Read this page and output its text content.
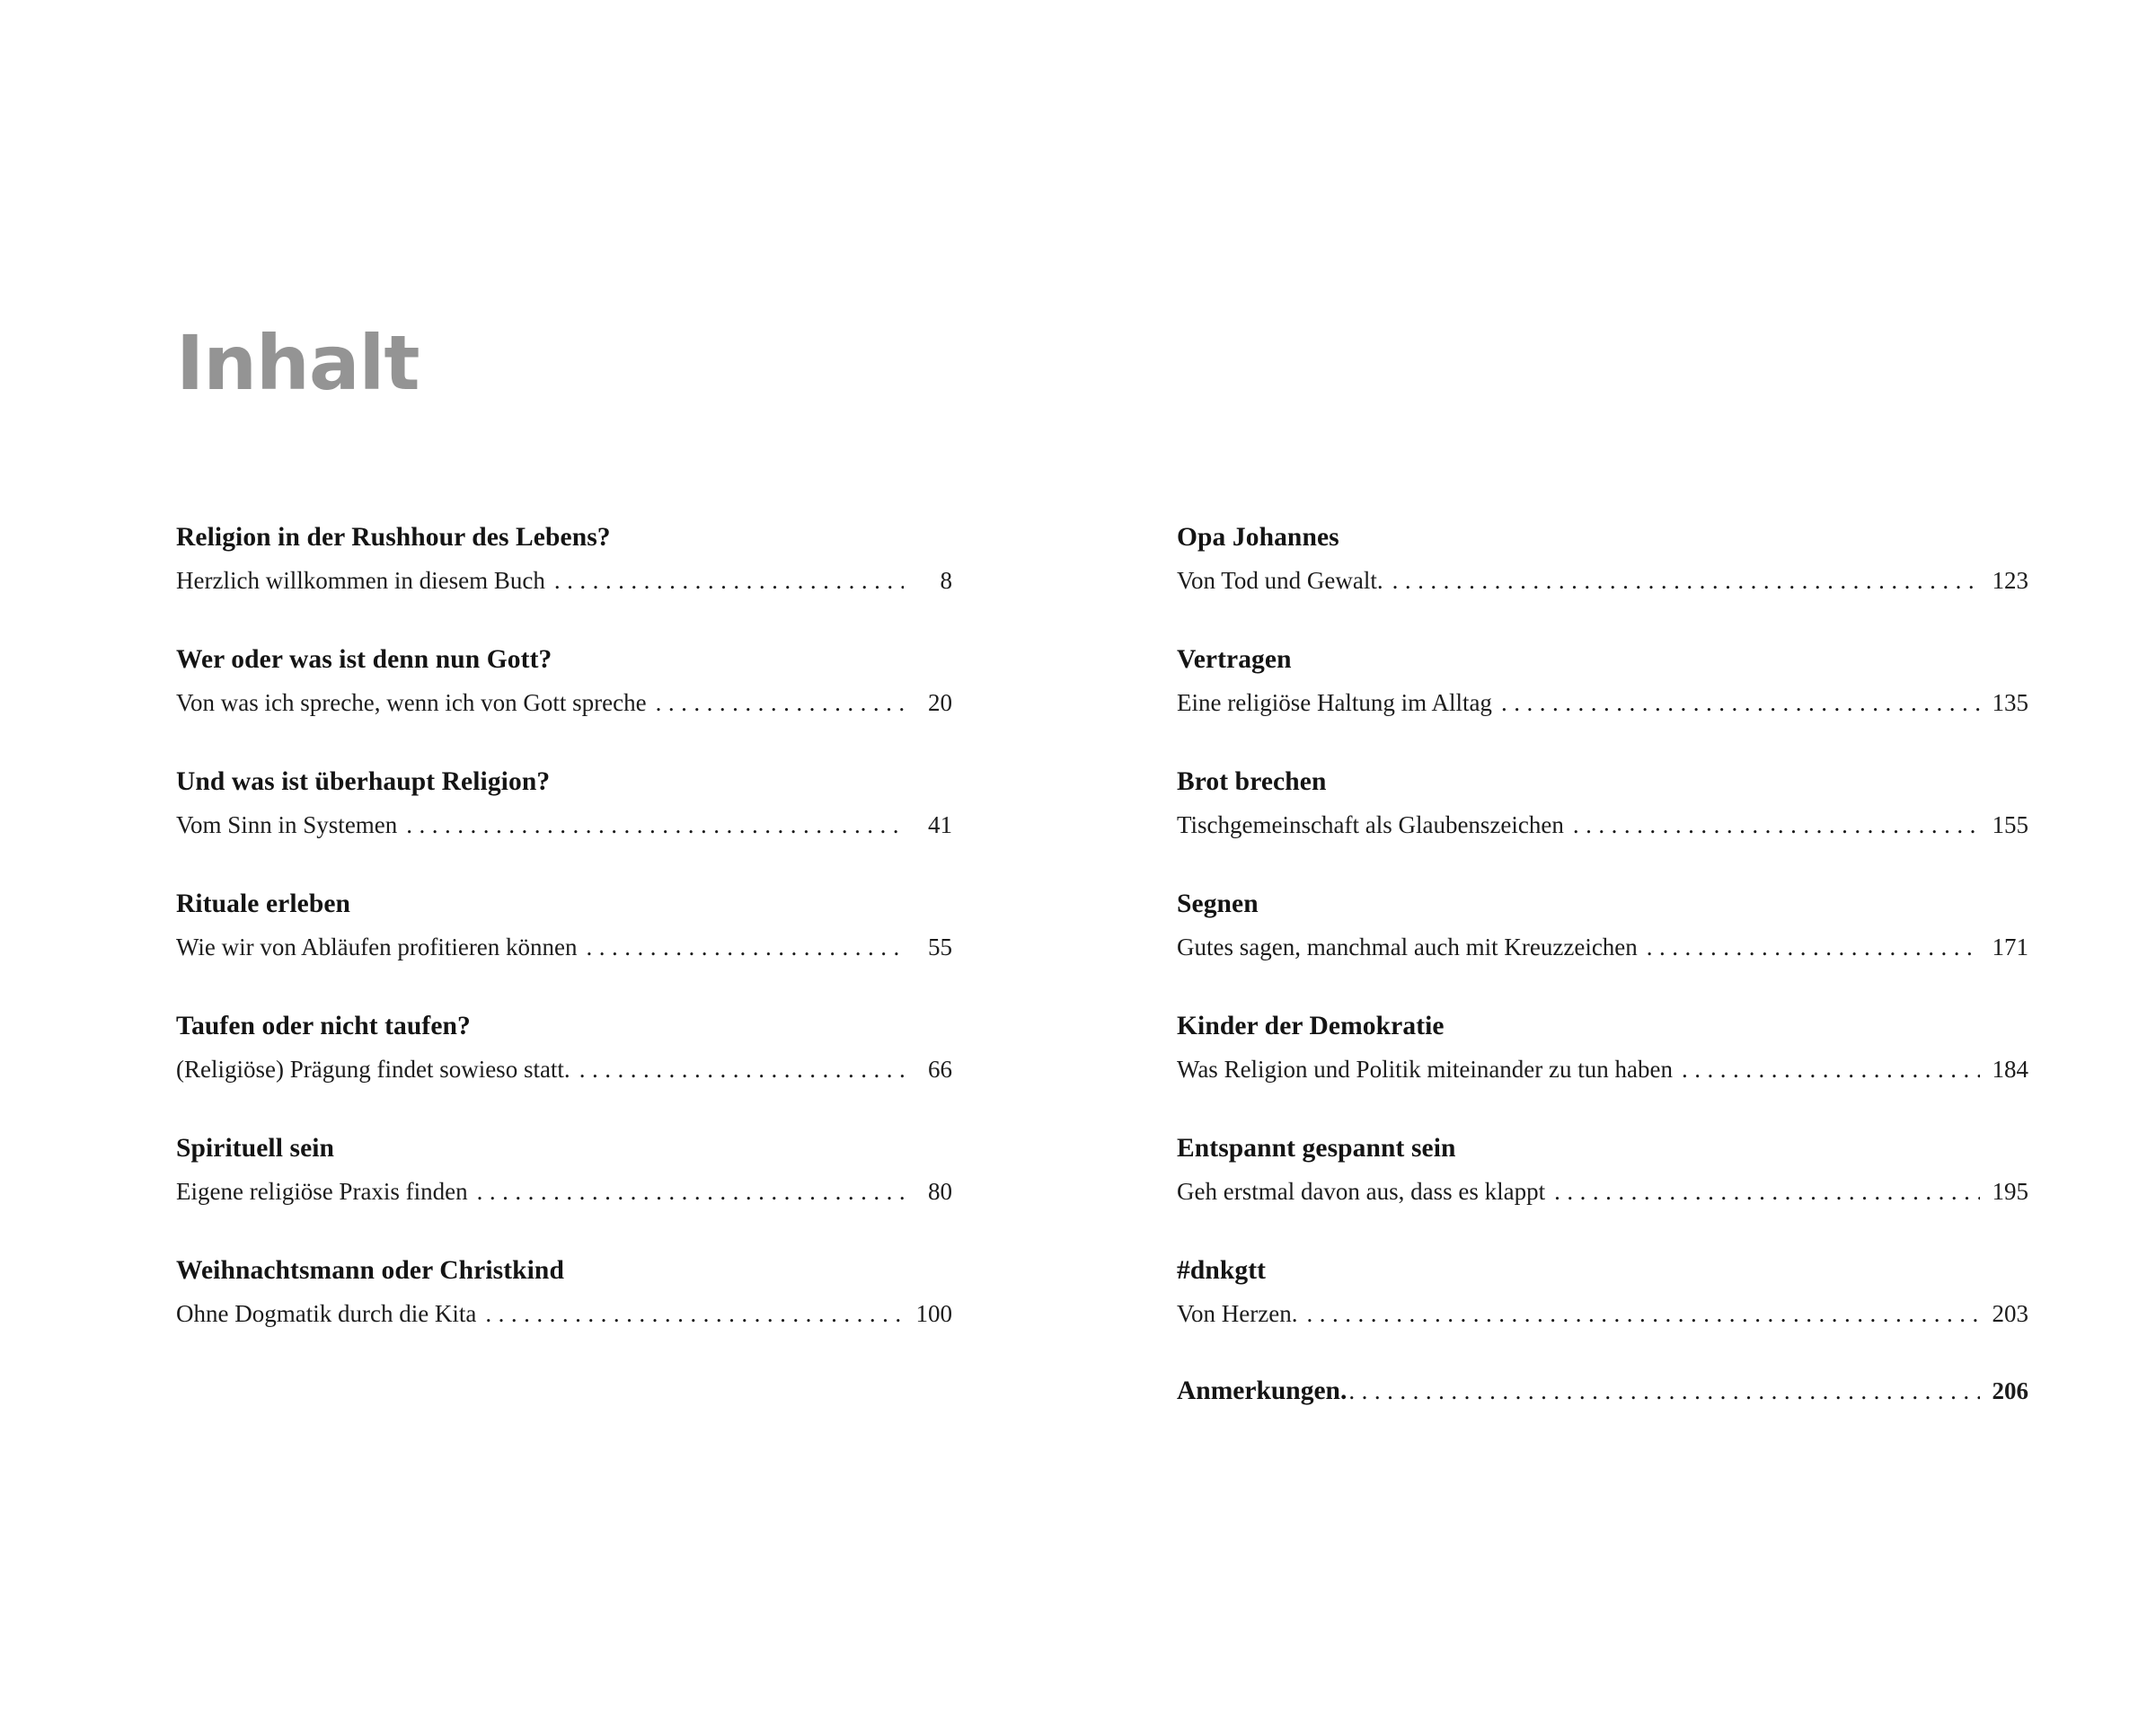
Inhalt
Religion in der Rushhour des Lebens?
Herzlich willkommen in diesem Buch .....	8
Wer oder was ist denn nun Gott?
Von was ich spreche, wenn ich von Gott spreche .....	20
Und was ist überhaupt Religion?
Vom Sinn in Systemen .....	41
Rituale erleben
Wie wir von Abläufen profitieren können .....	55
Taufen oder nicht taufen?
(Religiöse) Prägung findet sowieso statt. .....	66
Spirituell sein
Eigene religiöse Praxis finden .....	80
Weihnachtsmann oder Christkind
Ohne Dogmatik durch die Kita .....	100
Opa Johannes
Von Tod und Gewalt. .....	123
Vertragen
Eine religiöse Haltung im Alltag .....	135
Brot brechen
Tischgemeinschaft als Glaubenszeichen .....	155
Segnen
Gutes sagen, manchmal auch mit Kreuzzeichen .....	171
Kinder der Demokratie
Was Religion und Politik miteinander zu tun haben .....	184
Entspannt gespannt sein
Geh erstmal davon aus, dass es klappt .....	195
#dnkgtt
Von Herzen. .....	203
Anmerkungen. .....	206
